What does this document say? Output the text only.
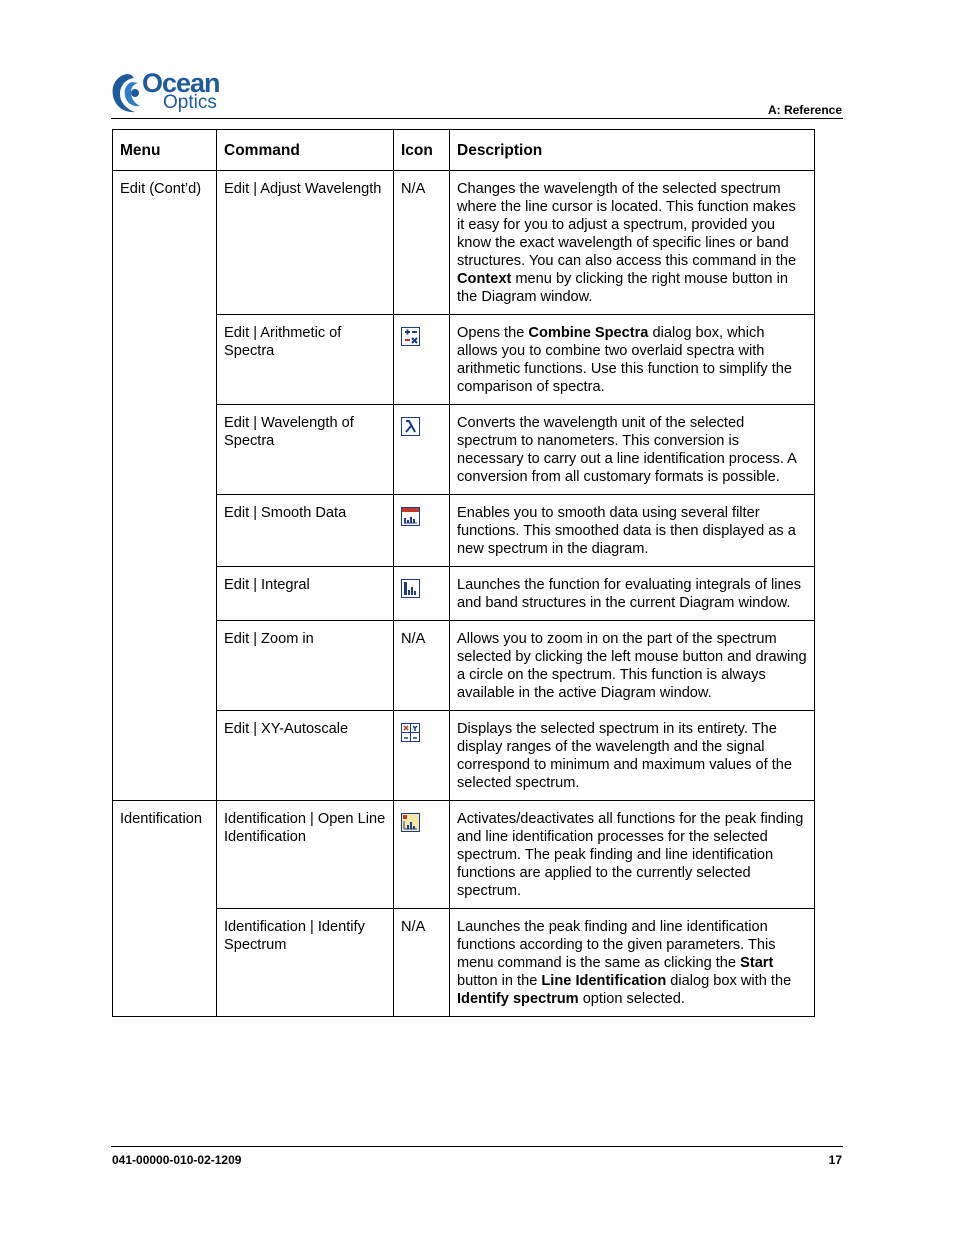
Ocean
Optics	A: Reference
Menu	Command	Icon	Description
Edit (Cont’d)	Edit | Adjust Wavelength	N/A	Changes the wavelength of the selected spectrum where the line cursor is located. This function makes it easy for you to adjust a spectrum, provided you know the exact wavelength of specific lines or band structures. You can also access this command in the Context menu by clicking the right mouse button in the Diagram window.
	Edit | Arithmetic of Spectra		Opens the Combine Spectra dialog box, which allows you to combine two overlaid spectra with arithmetic functions. Use this function to simplify the comparison of spectra.
	Edit | Wavelength of Spectra		Converts the wavelength unit of the selected spectrum to nanometers. This conversion is necessary to carry out a line identification process. A conversion from all customary formats is possible.
	Edit | Smooth Data		Enables you to smooth data using several filter functions. This smoothed data is then displayed as a new spectrum in the diagram.
	Edit | Integral		Launches the function for evaluating integrals of lines and band structures in the current Diagram window.
	Edit | Zoom in	N/A	Allows you to zoom in on the part of the spectrum selected by clicking the left mouse button and drawing a circle on the spectrum. This function is always available in the active Diagram window.
	Edit | XY-Autoscale		Displays the selected spectrum in its entirety. The display ranges of the wavelength and the signal correspond to minimum and maximum values of the selected spectrum.
Identification	Identification | Open Line Identification		Activates/deactivates all functions for the peak finding and line identification processes for the selected spectrum. The peak finding and line identification functions are applied to the currently selected spectrum.
	Identification | Identify Spectrum	N/A	Launches the peak finding and line identification functions according to the given parameters. This menu command is the same as clicking the Start button in the Line Identification dialog box with the Identify spectrum option selected.
041-00000-010-02-1209	17
